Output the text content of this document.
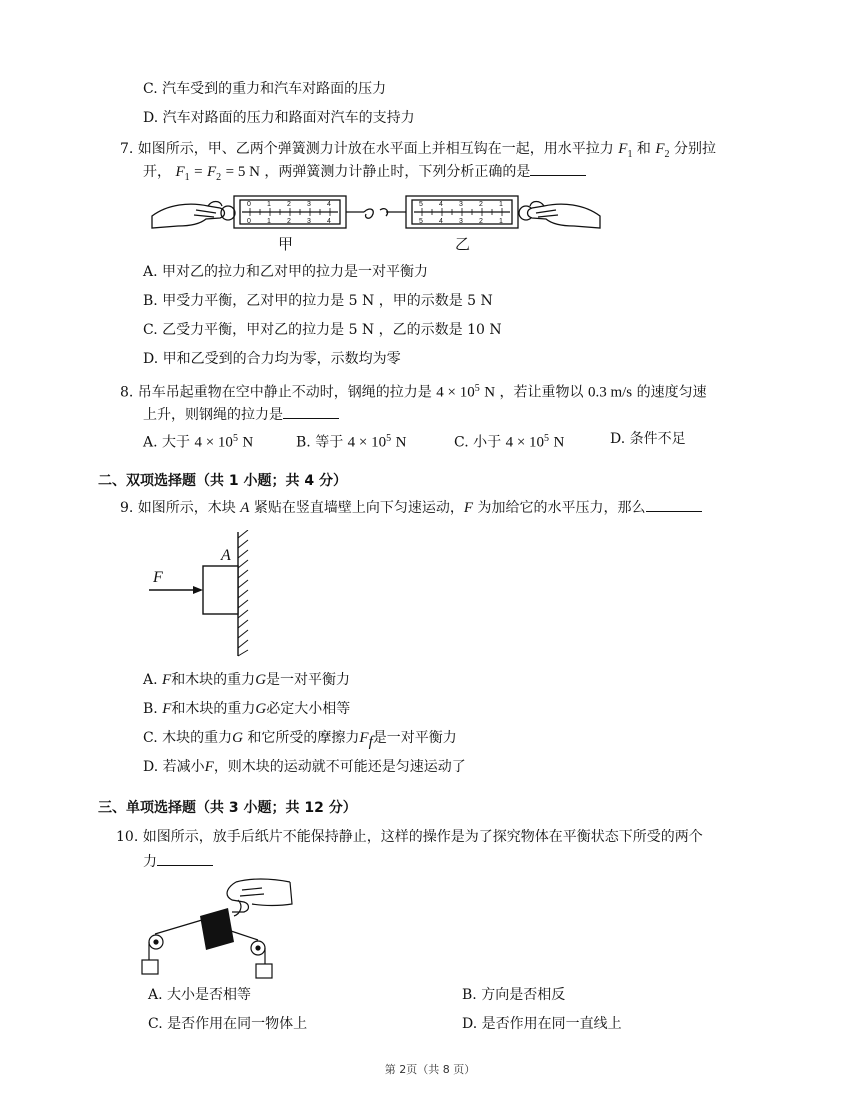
C. 汽车受到的重力和汽车对路面的压力
D. 汽车对路面的压力和路面对汽车的支持力
7. 如图所示，甲、乙两个弹簧测力计放在水平面上并相互钩在一起，用水平拉力 $F_1$ 和 $F_2$ 分别拉
开， $F_1 = F_2 = 5$ N ，两弹簧测力计静止时，下列分析正确的是
0 1 2 3 4
0 1 2 3 4
5 4 3 2 1
5 4 3 2 1
甲	乙
A. 甲对乙的拉力和乙对甲的拉力是一对平衡力
B. 甲受力平衡，乙对甲的拉力是 5 N ，甲的示数是 5 N
C. 乙受力平衡，甲对乙的拉力是 5 N ，乙的示数是 10 N
D. 甲和乙受到的合力均为零，示数均为零
8. 吊车吊起重物在空中静止不动时，钢绳的拉力是 $4 \times 10^5$ N ，若让重物以 0.3 m/s 的速度匀速
上升，则钢绳的拉力是
A. 大于 $4 \times 10^5$ N	B. 等于 $4 \times 10^5$ N	C. 小于 $4 \times 10^5$ N	D. 条件不足
二、双项选择题（共 1 小题；共 4 分）
9. 如图所示，木块 A 紧贴在竖直墙壁上向下匀速运动，F 为加给它的水平压力，那么
F
A
A. F和木块的重力G是一对平衡力
B. F和木块的重力G必定大小相等
C. 木块的重力G 和它所受的摩擦力$F_f$是一对平衡力
D. 若减小F，则木块的运动就不可能还是匀速运动了
三、单项选择题（共 3 小题；共 12 分）
10. 如图所示，放手后纸片不能保持静止，这样的操作是为了探究物体在平衡状态下所受的两个
力
A. 大小是否相等	B. 方向是否相反
C. 是否作用在同一物体上	D. 是否作用在同一直线上
第 2页（共 8 页）
